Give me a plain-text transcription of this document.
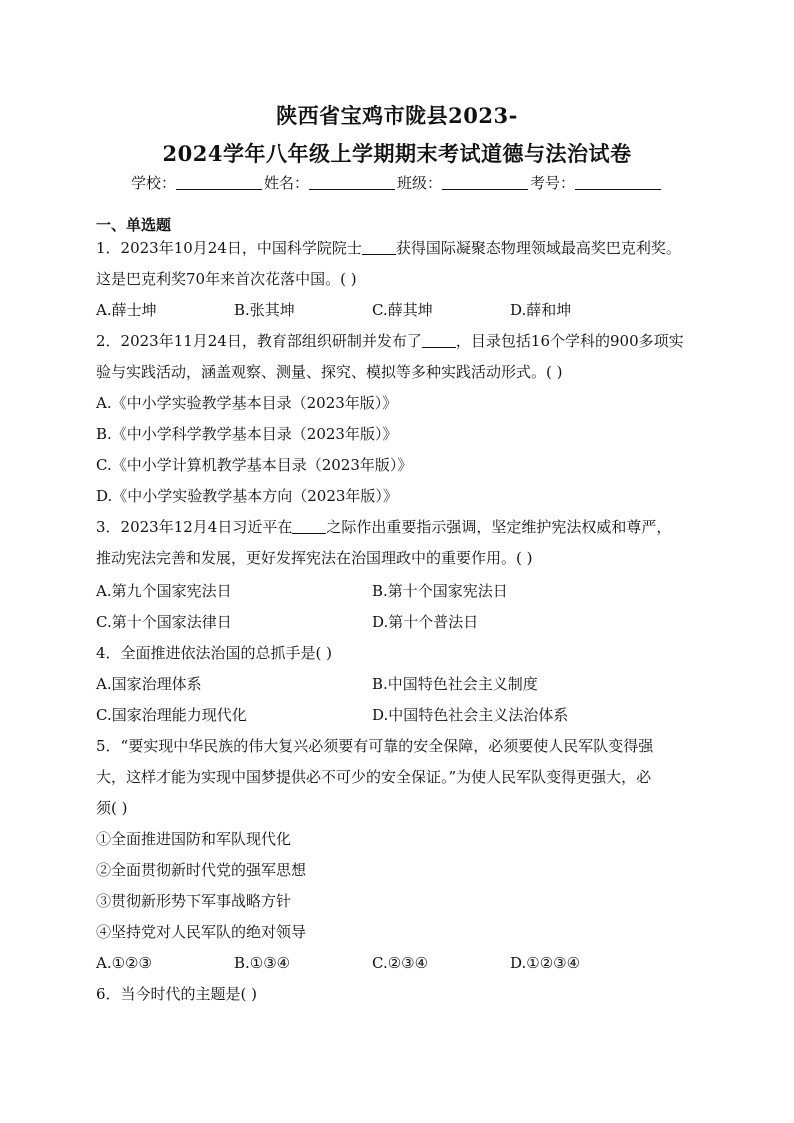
陕西省宝鸡市陇县2023-
2024学年八年级上学期期末考试道德与法治试卷
学校：	姓名：	班级：	考号：
一、单选题
1．2023年10月24日，中国科学院院士 获得国际凝聚态物理领域最高奖巴克利奖。
这是巴克利奖70年来首次花落中国。( )
A.薛士坤	B.张其坤	C.薛其坤	D.薛和坤
2．2023年11月24日，教育部组织研制并发布了 ，目录包括16个学科的900多项实
验与实践活动，涵盖观察、测量、探究、模拟等多种实践活动形式。( )
A.《中小学实验教学基本目录（2023年版）》
B.《中小学科学教学基本目录（2023年版）》
C.《中小学计算机教学基本目录（2023年版）》
D.《中小学实验教学基本方向（2023年版）》
3．2023年12月4日习近平在 之际作出重要指示强调，坚定维护宪法权威和尊严，
推动宪法完善和发展，更好发挥宪法在治国理政中的重要作用。( )
A.第九个国家宪法日	B.第十个国家宪法日
C.第十个国家法律日	D.第十个普法日
4．全面推进依法治国的总抓手是( )
A.国家治理体系	B.中国特色社会主义制度
C.国家治理能力现代化	D.中国特色社会主义法治体系
5．“要实现中华民族的伟大复兴必须要有可靠的安全保障，必须要使人民军队变得强
大，这样才能为实现中国梦提供必不可少的安全保证。”为使人民军队变得更强大，必
须( )
①全面推进国防和军队现代化
②全面贯彻新时代党的强军思想
③贯彻新形势下军事战略方针
④坚持党对人民军队的绝对领导
A.①②③	B.①③④	C.②③④	D.①②③④
6．当今时代的主题是( )
